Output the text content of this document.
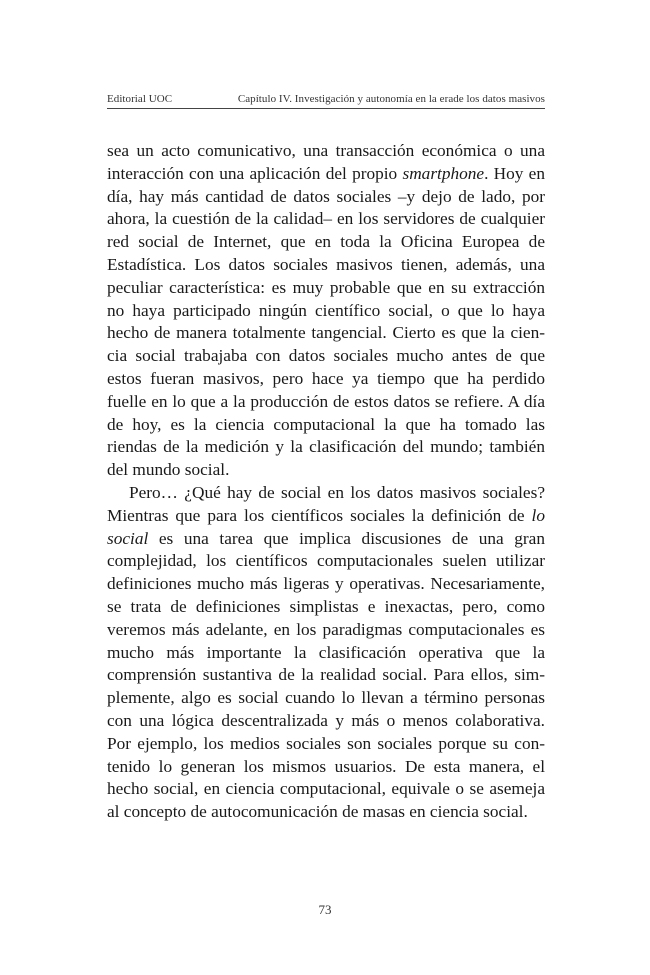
Editorial UOC	Capítulo IV. Investigación y autonomía en la erade los datos masivos

sea un acto comunicativo, una transacción económica o una interacción con una aplicación del propio smartphone. Hoy en día, hay más cantidad de datos sociales –y dejo de lado, por ahora, la cuestión de la calidad– en los servidores de cualquier red social de Internet, que en toda la Oficina Europea de Estadística. Los datos sociales masivos tienen, además, una peculiar característica: es muy probable que en su extracción no haya participado ningún científico social, o que lo haya hecho de manera totalmente tangencial. Cierto es que la cien-cia social trabajaba con datos sociales mucho antes de que estos fueran masivos, pero hace ya tiempo que ha perdido fuelle en lo que a la producción de estos datos se refiere. A día de hoy, es la ciencia computacional la que ha tomado las riendas de la medición y la clasificación del mundo; también del mundo social.

Pero… ¿Qué hay de social en los datos masivos sociales? Mientras que para los científicos sociales la definición de lo social es una tarea que implica discusiones de una gran complejidad, los científicos computacionales suelen utilizar definiciones mucho más ligeras y operativas. Necesariamente, se trata de definiciones simplistas e inexactas, pero, como veremos más adelante, en los paradigmas computacionales es mucho más importante la clasificación operativa que la comprensión sustantiva de la realidad social. Para ellos, sim-plemente, algo es social cuando lo llevan a término personas con una lógica descentralizada y más o menos colaborativa. Por ejemplo, los medios sociales son sociales porque su con-tenido lo generan los mismos usuarios. De esta manera, el hecho social, en ciencia computacional, equivale o se asemeja al concepto de autocomunicación de masas en ciencia social.

73
